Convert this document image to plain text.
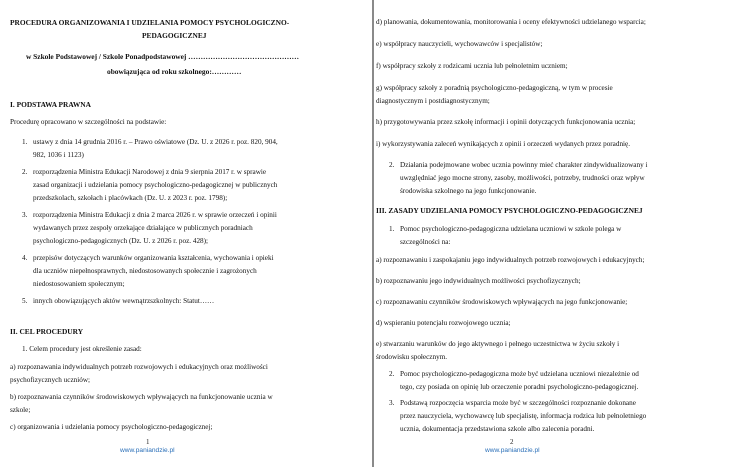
PROCEDURA ORGANIZOWANIA I UDZIELANIA POMOCY PSYCHOLOGICZNO-
PEDAGOGICZNEJ
w Szkole Podstawowej / Szkole Ponadpodstawowej ………………………………………
obowiązująca od roku szkolnego:…………
I. PODSTAWA PRAWNA
Procedurę opracowano w szczególności na podstawie:
1. ustawy z dnia 14 grudnia 2016 r. – Prawo oświatowe (Dz. U. z 2026 r. poz. 820, 904,
982, 1036 i 1123)
2. rozporządzenia Ministra Edukacji Narodowej z dnia 9 sierpnia 2017 r. w sprawie
zasad organizacji i udzielania pomocy psychologiczno-pedagogicznej w publicznych
przedszkolach, szkołach i placówkach (Dz. U. z 2023 r. poz. 1798);
3. rozporządzenia Ministra Edukacji z dnia 2 marca 2026 r. w sprawie orzeczeń i opinii
wydawanych przez zespoły orzekające działające w publicznych poradniach
psychologiczno-pedagogicznych (Dz. U. z 2026 r. poz. 428);
4. przepisów dotyczących warunków organizowania kształcenia, wychowania i opieki
dla uczniów niepełnosprawnych, niedostosowanych społecznie i zagrożonych
niedostosowaniem społecznym;
5. innych obowiązujących aktów wewnątrzszkolnych: Statut……
II. CEL PROCEDURY
1. Celem procedury jest określenie zasad:
a) rozpoznawania indywidualnych potrzeb rozwojowych i edukacyjnych oraz możliwości
psychofizycznych uczniów;
b) rozpoznawania czynników środowiskowych wpływających na funkcjonowanie ucznia w
szkole;
c) organizowania i udzielania pomocy psychologiczno-pedagogicznej;
1
www.paniandzie.pl
d) planowania, dokumentowania, monitorowania i oceny efektywności udzielanego wsparcia;
e) współpracy nauczycieli, wychowawców i specjalistów;
f) współpracy szkoły z rodzicami ucznia lub pełnoletnim uczniem;
g) współpracy szkoły z poradnią psychologiczno-pedagogiczną, w tym w procesie
diagnostycznym i postdiagnostycznym;
h) przygotowywania przez szkołę informacji i opinii dotyczących funkcjonowania ucznia;
i) wykorzystywania zaleceń wynikających z opinii i orzeczeń wydanych przez poradnię.
2. Działania podejmowane wobec ucznia powinny mieć charakter zindywidualizowany i
uwzględniać jego mocne strony, zasoby, możliwości, potrzeby, trudności oraz wpływ
środowiska szkolnego na jego funkcjonowanie.
III. ZASADY UDZIELANIA POMOCY PSYCHOLOGICZNO-PEDAGOGICZNEJ
1. Pomoc psychologiczno-pedagogiczna udzielana uczniowi w szkole polega w
szczególności na:
a) rozpoznawaniu i zaspokajaniu jego indywidualnych potrzeb rozwojowych i edukacyjnych;
b) rozpoznawaniu jego indywidualnych możliwości psychofizycznych;
c) rozpoznawaniu czynników środowiskowych wpływających na jego funkcjonowanie;
d) wspieraniu potencjału rozwojowego ucznia;
e) stwarzaniu warunków do jego aktywnego i pełnego uczestnictwa w życiu szkoły i
środowisku społecznym.
2. Pomoc psychologiczno-pedagogiczna może być udzielana uczniowi niezależnie od
tego, czy posiada on opinię lub orzeczenie poradni psychologiczno-pedagogicznej.
3. Podstawą rozpoczęcia wsparcia może być w szczególności rozpoznanie dokonane
przez nauczyciela, wychowawcę lub specjalistę, informacja rodzica lub pełnoletniego
ucznia, dokumentacja przedstawiona szkole albo zalecenia poradni.
2
www.paniandzie.pl
